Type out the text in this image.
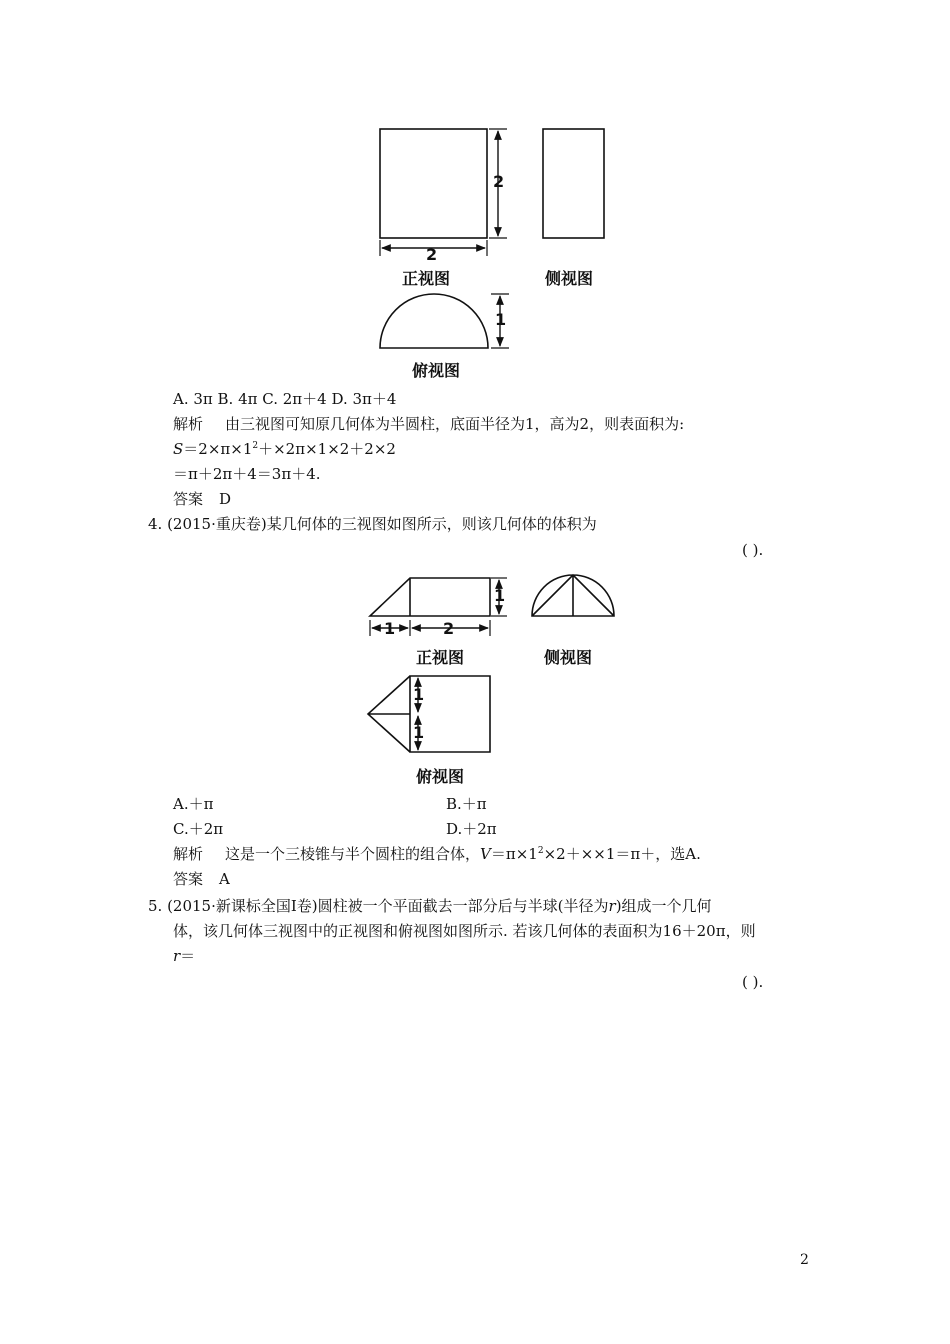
2
2
正视图	侧视图
1
俯视图
A. 3π B. 4π C. 2π＋4 D. 3π＋4
解析 由三视图可知原几何体为半圆柱，底面半径为1，高为2，则表面积为:
$S=2\times\pi\times 1^2+\times 2\pi\times 1\times 2+2\times 2$
＝π＋2π＋4＝3π＋4.
答案 D
4. (2015·重庆卷)某几何体的三视图如图所示，则该几何体的体积为
( ).
1
1	2
正视图	侧视图
1
1
俯视图
A.＋π	B.＋π
C.＋2π	D.＋2π
解析 这是一个三棱锥与半个圆柱的组合体，$V=\pi\times 1^2\times 2+\times\times 1=\pi+$，选A.
答案 A
5. (2015·新课标全国Ⅰ卷)圆柱被一个平面截去一部分后与半球(半径为r)组成一个几何
体，该几何体三视图中的正视图和俯视图如图所示. 若该几何体的表面积为16＋20π，则
r＝
( ).
2
